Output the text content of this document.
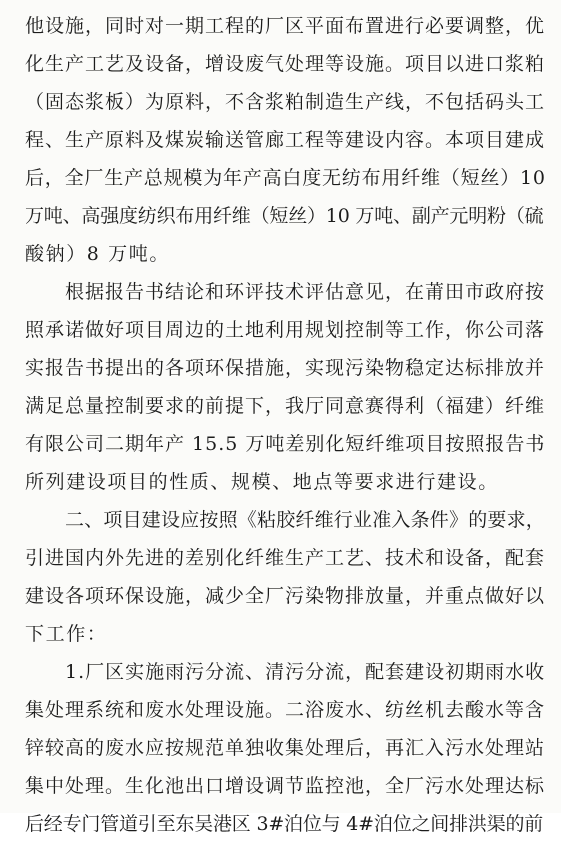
他设施，同时对一期工程的厂区平面布置进行必要调整，优
化生产工艺及设备，增设废气处理等设施。项目以进口浆粕
（固态浆板）为原料，不含浆粕制造生产线，不包括码头工
程、生产原料及煤炭输送管廊工程等建设内容。本项目建成
后，全厂生产总规模为年产高白度无纺布用纤维（短丝）10
万吨、高强度纺织布用纤维（短丝）10 万吨、副产元明粉（硫
酸钠）8 万吨。
根据报告书结论和环评技术评估意见，在莆田市政府按
照承诺做好项目周边的土地利用规划控制等工作，你公司落
实报告书提出的各项环保措施，实现污染物稳定达标排放并
满足总量控制要求的前提下，我厅同意赛得利（福建）纤维
有限公司二期年产 15.5 万吨差别化短纤维项目按照报告书
所列建设项目的性质、规模、地点等要求进行建设。
二、项目建设应按照《粘胶纤维行业准入条件》的要求，
引进国内外先进的差别化纤维生产工艺、技术和设备，配套
建设各项环保设施，减少全厂污染物排放量，并重点做好以
下工作：
1.厂区实施雨污分流、清污分流，配套建设初期雨水收
集处理系统和废水处理设施。二浴废水、纺丝机去酸水等含
锌较高的废水应按规范单独收集处理后，再汇入污水处理站
集中处理。生化池出口增设调节监控池，全厂污水处理达标
后经专门管道引至东吴港区 3#泊位与 4#泊位之间排洪渠的前
